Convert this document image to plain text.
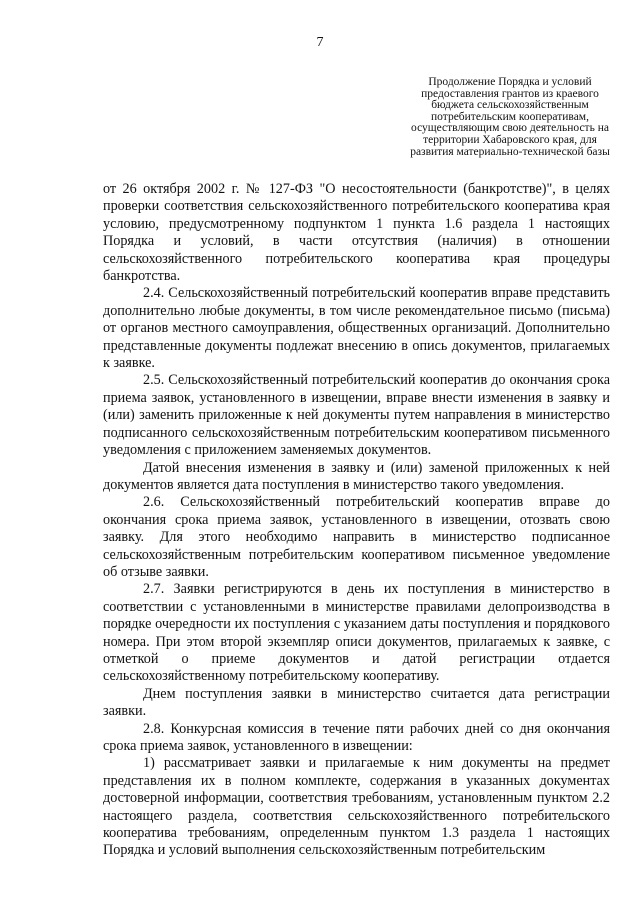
7
Продолжение Порядка и условий предоставления грантов из краевого бюджета сельскохозяйственным потребительским кооперативам, осуществляющим свою деятельность на территории Хабаровского края, для развития материально-технической базы

от 26 октября 2002 г. № 127-ФЗ "О несостоятельности (банкротстве)", в целях проверки соответствия сельскохозяйственного потребительского кооператива края условию, предусмотренному подпунктом 1 пункта 1.6 раздела 1 настоящих Порядка и условий, в части отсутствия (наличия) в отношении сельскохозяйственного потребительского кооператива края процедуры банкротства.

2.4. Сельскохозяйственный потребительский кооператив вправе представить дополнительно любые документы, в том числе рекомендательное письмо (письма) от органов местного самоуправления, общественных организаций. Дополнительно представленные документы подлежат внесению в опись документов, прилагаемых к заявке.

2.5. Сельскохозяйственный потребительский кооператив до окончания срока приема заявок, установленного в извещении, вправе внести изменения в заявку и (или) заменить приложенные к ней документы путем направления в министерство подписанного сельскохозяйственным потребительским кооперативом письменного уведомления с приложением заменяемых документов.

Датой внесения изменения в заявку и (или) заменой приложенных к ней документов является дата поступления в министерство такого уведомления.

2.6. Сельскохозяйственный потребительский кооператив вправе до окончания срока приема заявок, установленного в извещении, отозвать свою заявку. Для этого необходимо направить в министерство подписанное сельскохозяйственным потребительским кооперативом письменное уведомление об отзыве заявки.

2.7. Заявки регистрируются в день их поступления в министерство в соответствии с установленными в министерстве правилами делопроизводства в порядке очередности их поступления с указанием даты поступления и порядкового номера. При этом второй экземпляр описи документов, прилагаемых к заявке, с отметкой о приеме документов и датой регистрации отдается сельскохозяйственному потребительскому кооперативу.

Днем поступления заявки в министерство считается дата регистрации заявки.

2.8. Конкурсная комиссия в течение пяти рабочих дней со дня окончания срока приема заявок, установленного в извещении:

1) рассматривает заявки и прилагаемые к ним документы на предмет представления их в полном комплекте, содержания в указанных документах достоверной информации, соответствия требованиям, установленным пунктом 2.2 настоящего раздела, соответствия сельскохозяйственного потребительского кооператива требованиям, определенным пунктом 1.3 раздела 1 настоящих Порядка и условий выполнения сельскохозяйственным потребительским
